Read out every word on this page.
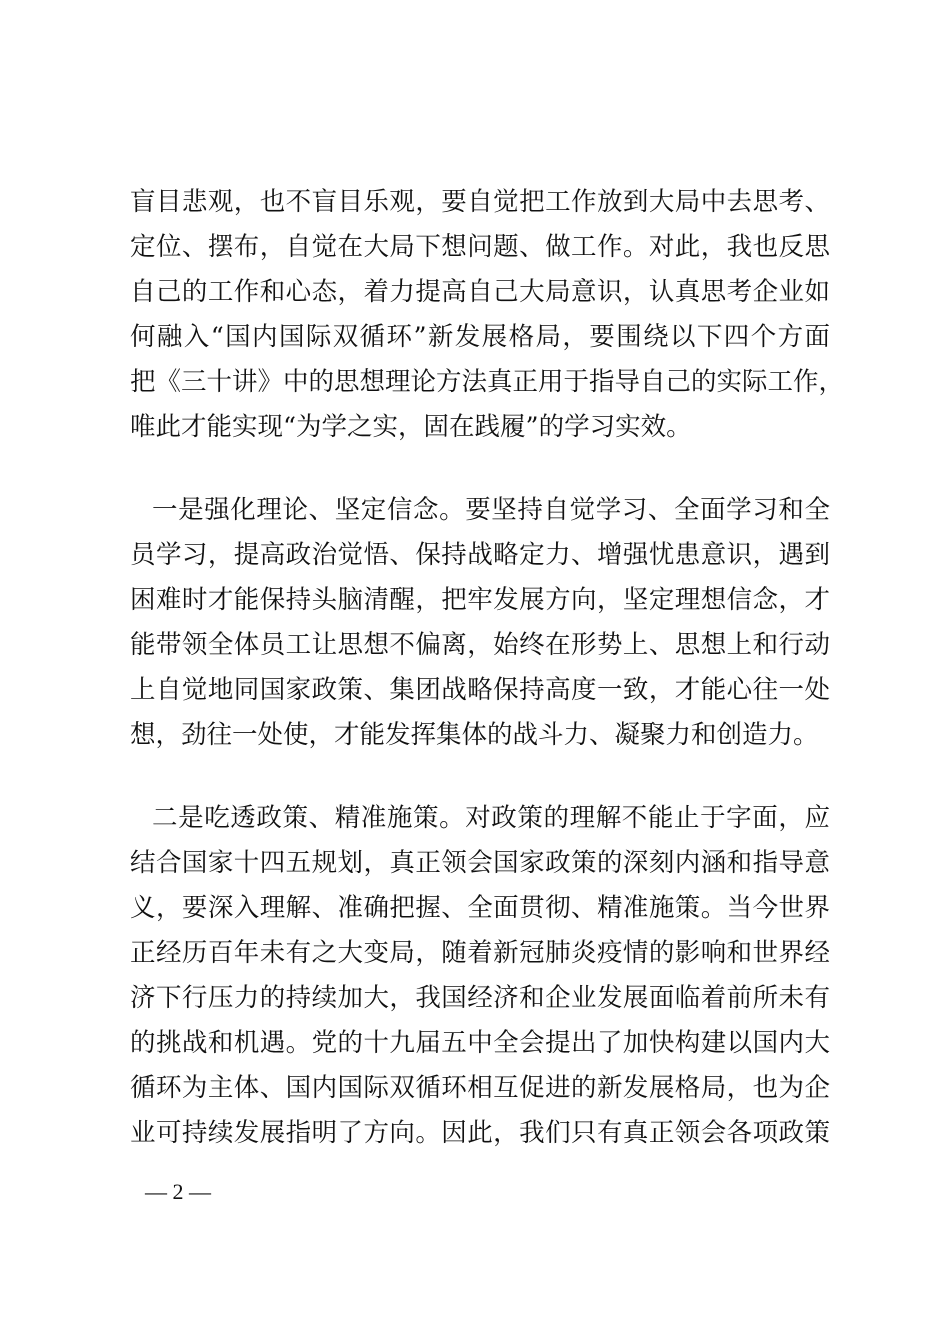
盲目悲观，也不盲目乐观，要自觉把工作放到大局中去思考、
定位、摆布，自觉在大局下想问题、做工作。对此，我也反思
自己的工作和心态，着力提高自己大局意识，认真思考企业如
何融入“国内国际双循环”新发展格局，要围绕以下四个方面
把《三十讲》中的思想理论方法真正用于指导自己的实际工作，
唯此才能实现“为学之实，固在践履”的学习实效。
一是强化理论、坚定信念。要坚持自觉学习、全面学习和全
员学习，提高政治觉悟、保持战略定力、增强忧患意识，遇到
困难时才能保持头脑清醒，把牢发展方向，坚定理想信念，才
能带领全体员工让思想不偏离，始终在形势上、思想上和行动
上自觉地同国家政策、集团战略保持高度一致，才能心往一处
想，劲往一处使，才能发挥集体的战斗力、凝聚力和创造力。
二是吃透政策、精准施策。对政策的理解不能止于字面，应
结合国家十四五规划，真正领会国家政策的深刻内涵和指导意
义，要深入理解、准确把握、全面贯彻、精准施策。当今世界
正经历百年未有之大变局，随着新冠肺炎疫情的影响和世界经
济下行压力的持续加大，我国经济和企业发展面临着前所未有
的挑战和机遇。党的十九届五中全会提出了加快构建以国内大
循环为主体、国内国际双循环相互促进的新发展格局，也为企
业可持续发展指明了方向。因此，我们只有真正领会各项政策
— 2 —
